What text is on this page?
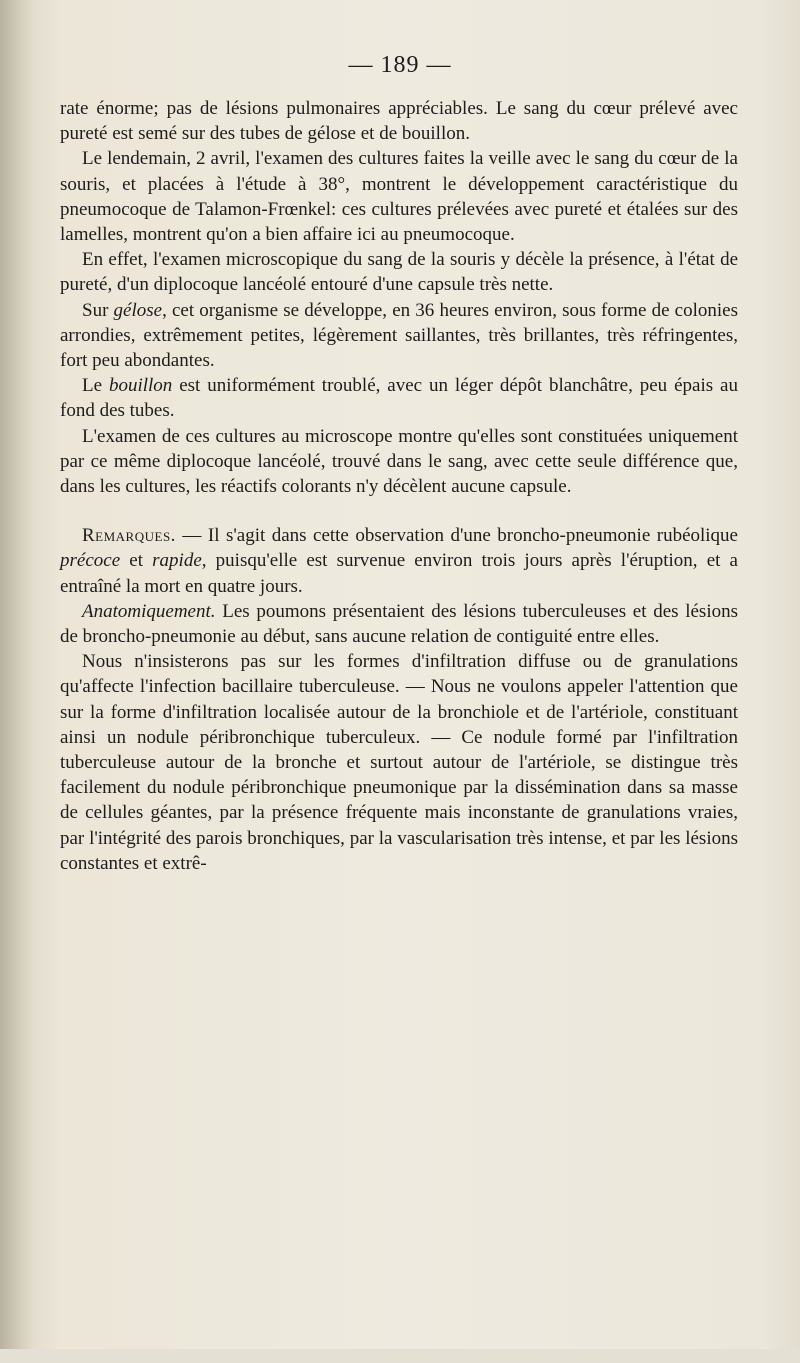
— 189 —

rate énorme; pas de lésions pulmonaires appréciables. Le sang du cœur prélevé avec pureté est semé sur des tubes de gélose et de bouillon.

Le lendemain, 2 avril, l'examen des cultures faites la veille avec le sang du cœur de la souris, et placées à l'étude à 38°, montrent le développement caractéristique du pneumocoque de Talamon-Frœnkel: ces cultures prélevées avec pureté et étalées sur des lamelles, montrent qu'on a bien affaire ici au pneumocoque.

En effet, l'examen microscopique du sang de la souris y décèle la présence, à l'état de pureté, d'un diplocoque lancéolé entouré d'une capsule très nette.

Sur gélose, cet organisme se développe, en 36 heures environ, sous forme de colonies arrondies, extrêmement petites, légèrement saillantes, très brillantes, très réfringentes, fort peu abondantes.

Le bouillon est uniformément troublé, avec un léger dépôt blanchâtre, peu épais au fond des tubes.

L'examen de ces cultures au microscope montre qu'elles sont constituées uniquement par ce même diplocoque lancéolé, trouvé dans le sang, avec cette seule différence que, dans les cultures, les réactifs colorants n'y décèlent aucune capsule.

Remarques. — Il s'agit dans cette observation d'une broncho-pneumonie rubéolique précoce et rapide, puisqu'elle est survenue environ trois jours après l'éruption, et a entraîné la mort en quatre jours.

Anatomiquement. Les poumons présentaient des lésions tuberculeuses et des lésions de broncho-pneumonie au début, sans aucune relation de contiguité entre elles.

Nous n'insisterons pas sur les formes d'infiltration diffuse ou de granulations qu'affecte l'infection bacillaire tuberculeuse. — Nous ne voulons appeler l'attention que sur la forme d'infiltration localisée autour de la bronchiole et de l'artériole, constituant ainsi un nodule péribronchique tuberculeux. — Ce nodule formé par l'infiltration tuberculeuse autour de la bronche et surtout autour de l'artériole, se distingue très facilement du nodule péribronchique pneumonique par la dissémination dans sa masse de cellules géantes, par la présence fréquente mais inconstante de granulations vraies, par l'intégrité des parois bronchiques, par la vascularisation très intense, et par les lésions constantes et extrê-
